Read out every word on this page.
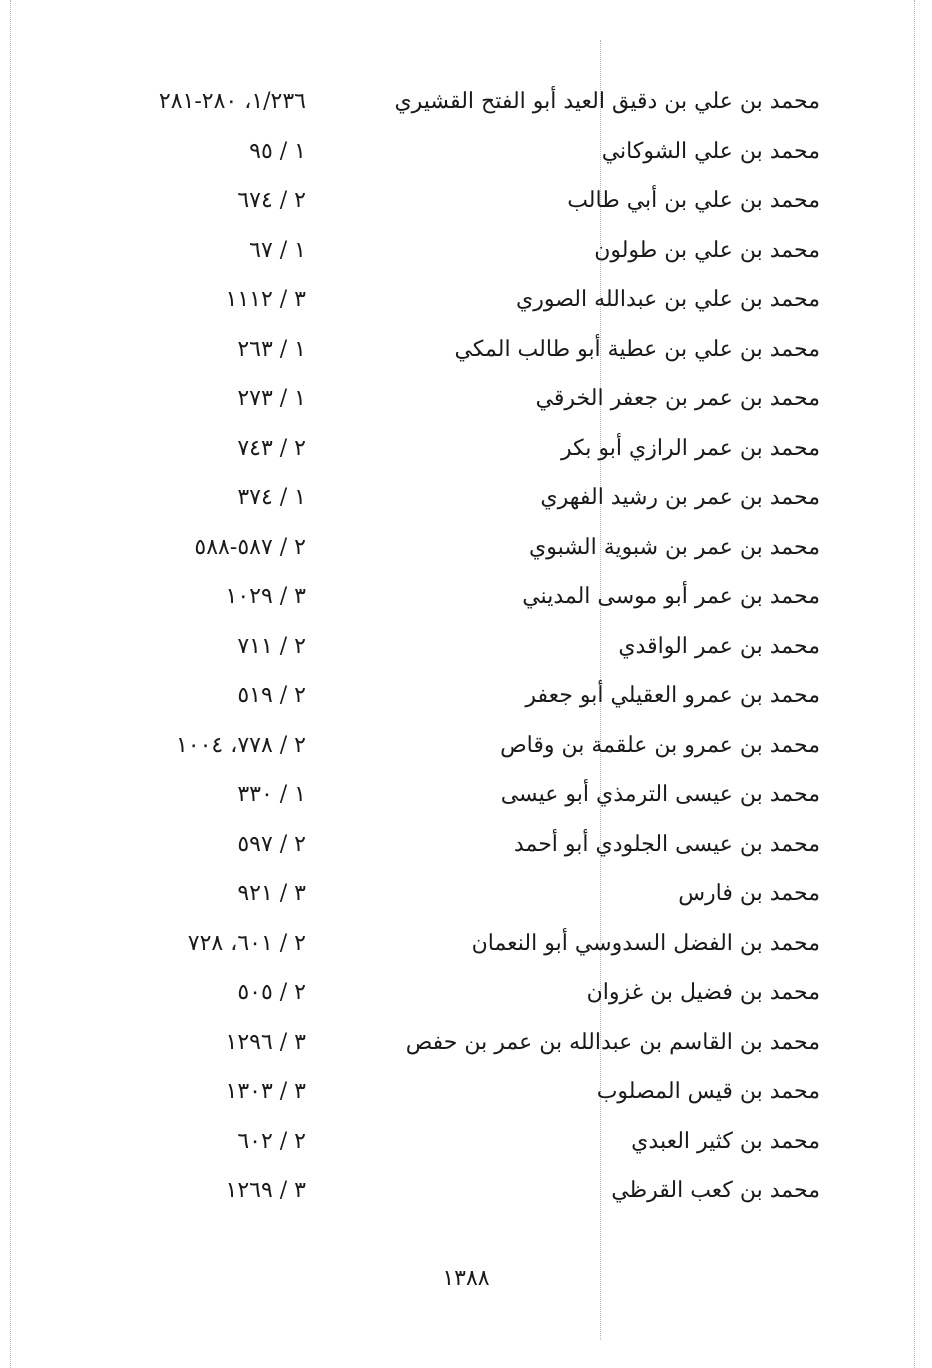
محمد بن علي بن دقيق العيد أبو الفتح القشيري
١/٢٣٦، ٢٨٠-٢٨١
محمد بن علي الشوكاني
١ / ٩٥
محمد بن علي بن أبي طالب
٢ / ٦٧٤
محمد بن علي بن طولون
١ / ٦٧
محمد بن علي بن عبدالله الصوري
٣ / ١١١٢
محمد بن علي بن عطية أبو طالب المكي
١ / ٢٦٣
محمد بن عمر بن جعفر الخرقي
١ / ٢٧٣
محمد بن عمر الرازي أبو بكر
٢ / ٧٤٣
محمد بن عمر بن رشيد الفهري
١ / ٣٧٤
محمد بن عمر بن شبوية الشبوي
٢ / ٥٨٧-٥٨٨
محمد بن عمر أبو موسى المديني
٣ / ١٠٢٩
محمد بن عمر الواقدي
٢ / ٧١١
محمد بن عمرو العقيلي أبو جعفر
٢ / ٥١٩
محمد بن عمرو بن علقمة بن وقاص
٢ / ٧٧٨، ١٠٠٤
محمد بن عيسى الترمذي أبو عيسى
١ / ٣٣٠
محمد بن عيسى الجلودي أبو أحمد
٢ / ٥٩٧
محمد بن فارس
٣ / ٩٢١
محمد بن الفضل السدوسي أبو النعمان
٢ / ٦٠١، ٧٢٨
محمد بن فضيل بن غزوان
٢ / ٥٠٥
محمد بن القاسم بن عبدالله بن عمر بن حفص
٣ / ١٢٩٦
محمد بن قيس المصلوب
٣ / ١٣٠٣
محمد بن كثير العبدي
٢ / ٦٠٢
محمد بن كعب القرظي
٣ / ١٢٦٩
١٣٨٨
